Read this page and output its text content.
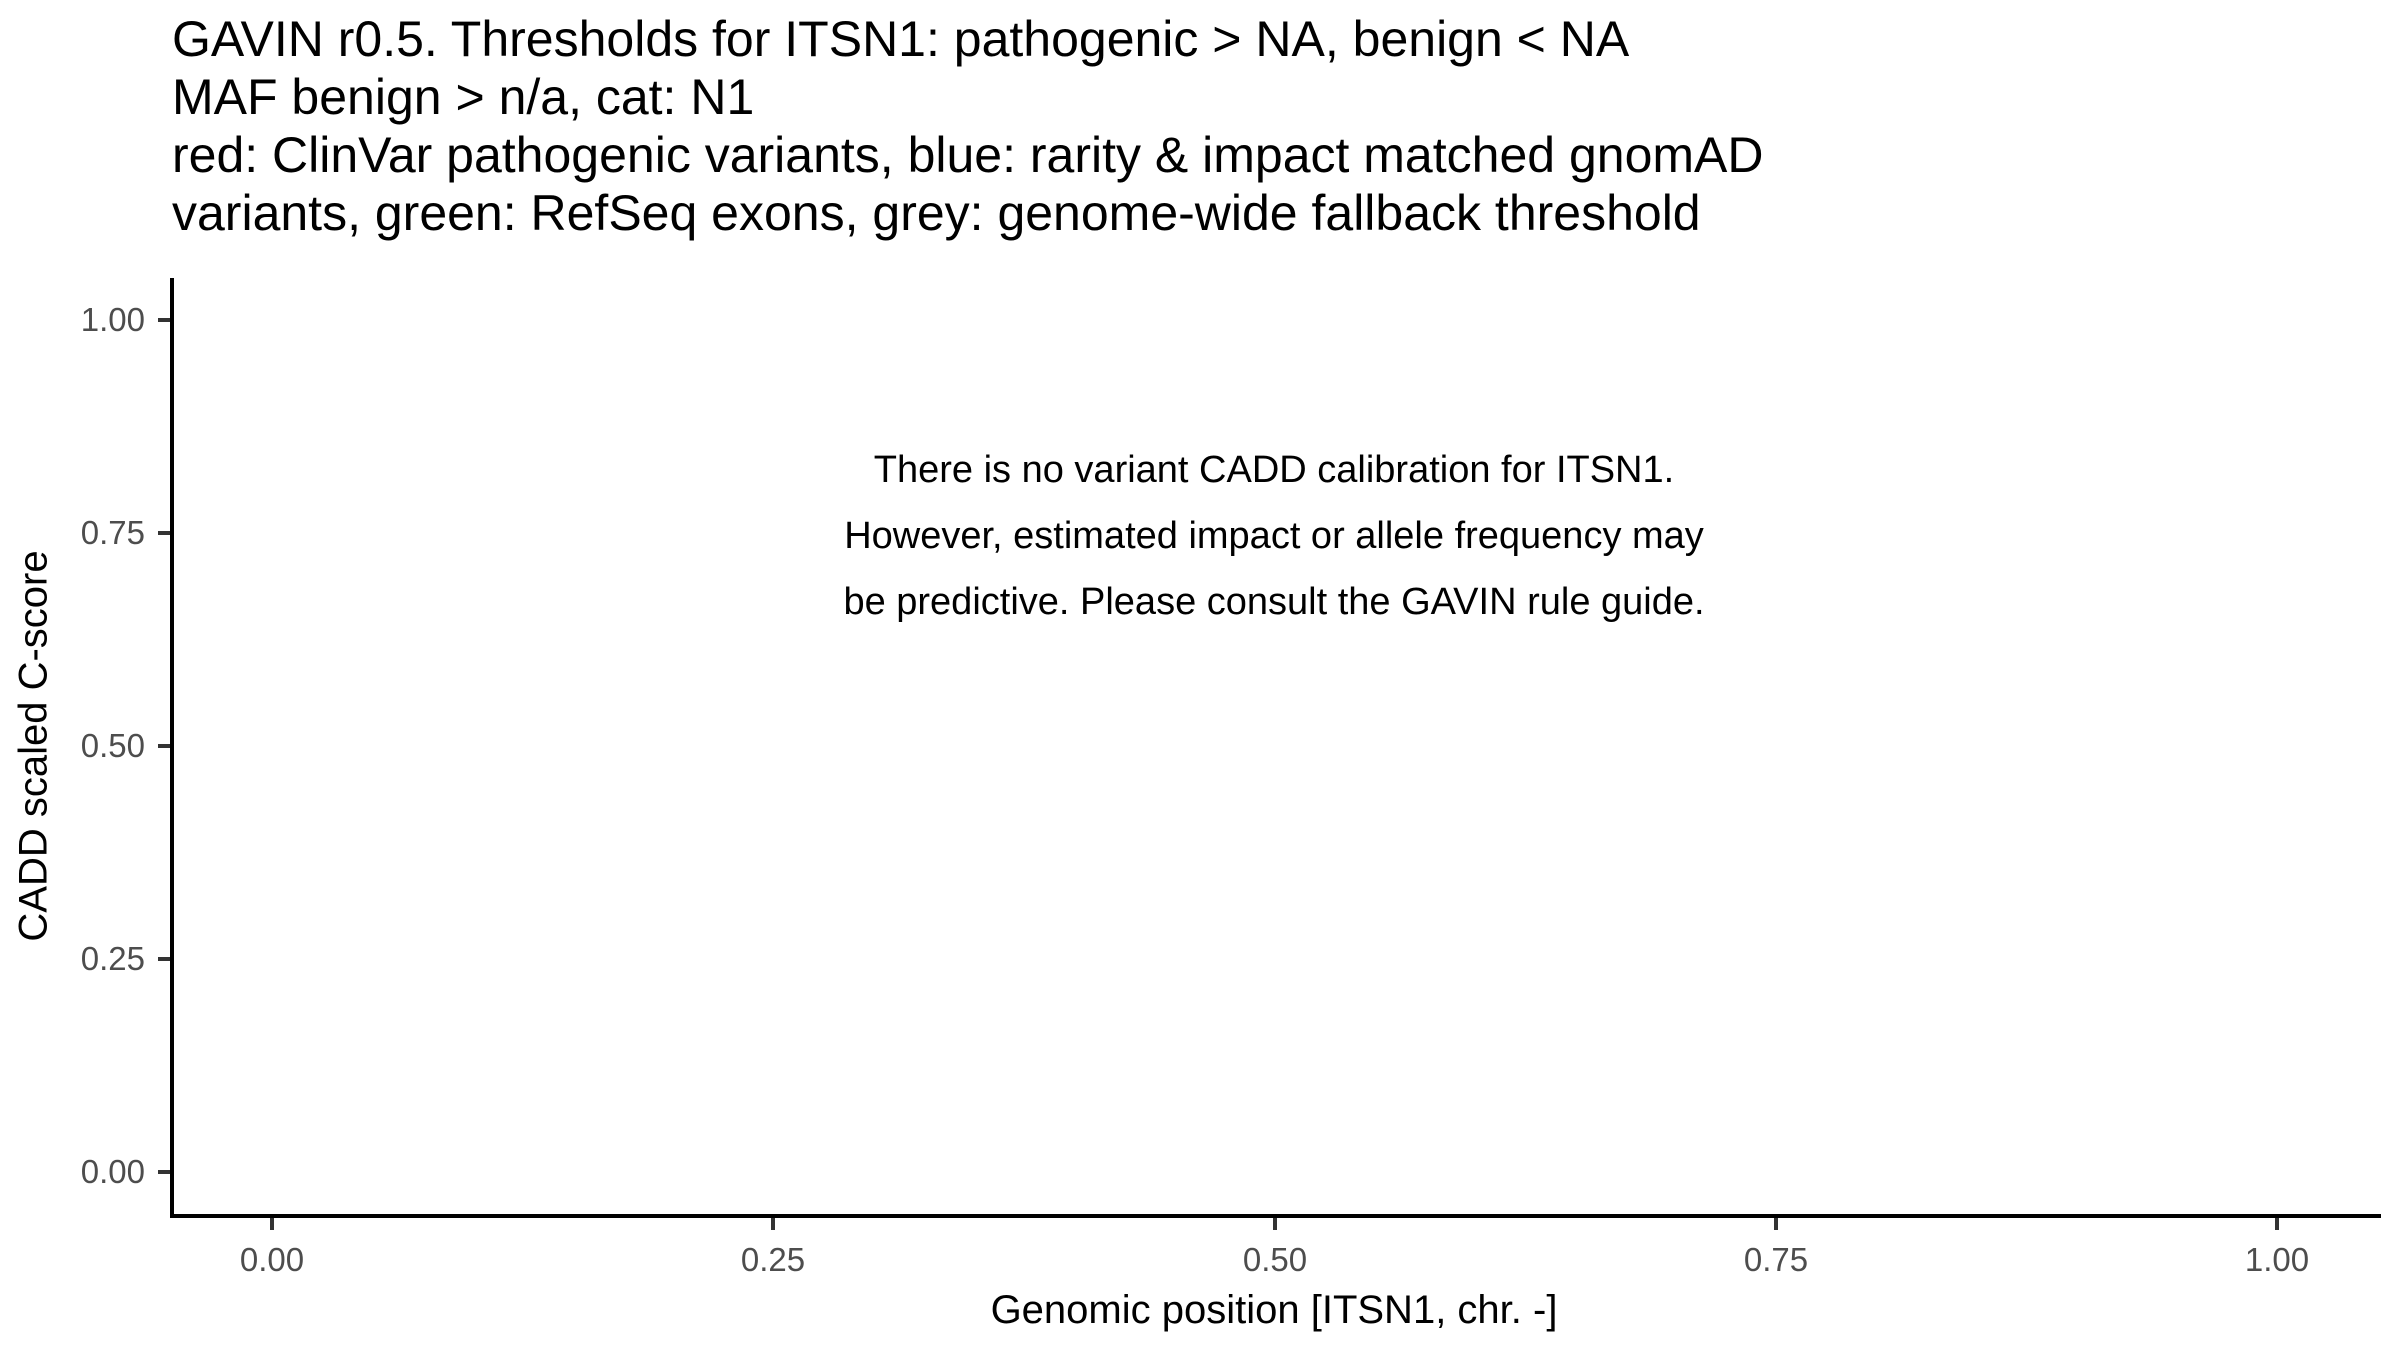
GAVIN r0.5. Thresholds for ITSN1: pathogenic > NA, benign < NA
MAF benign > n/a, cat: N1
red: ClinVar pathogenic variants, blue: rarity & impact matched gnomAD
variants, green: RefSeq exons, grey: genome-wide fallback threshold
There is no variant CADD calibration for ITSN1.
However, estimated impact or allele frequency may
be predictive. Please consult the GAVIN rule guide.
1.00
0.75
0.50
0.25
0.00
0.00	0.25	0.50	0.75	1.00
Genomic position [ITSN1, chr. -]
CADD scaled C-score
